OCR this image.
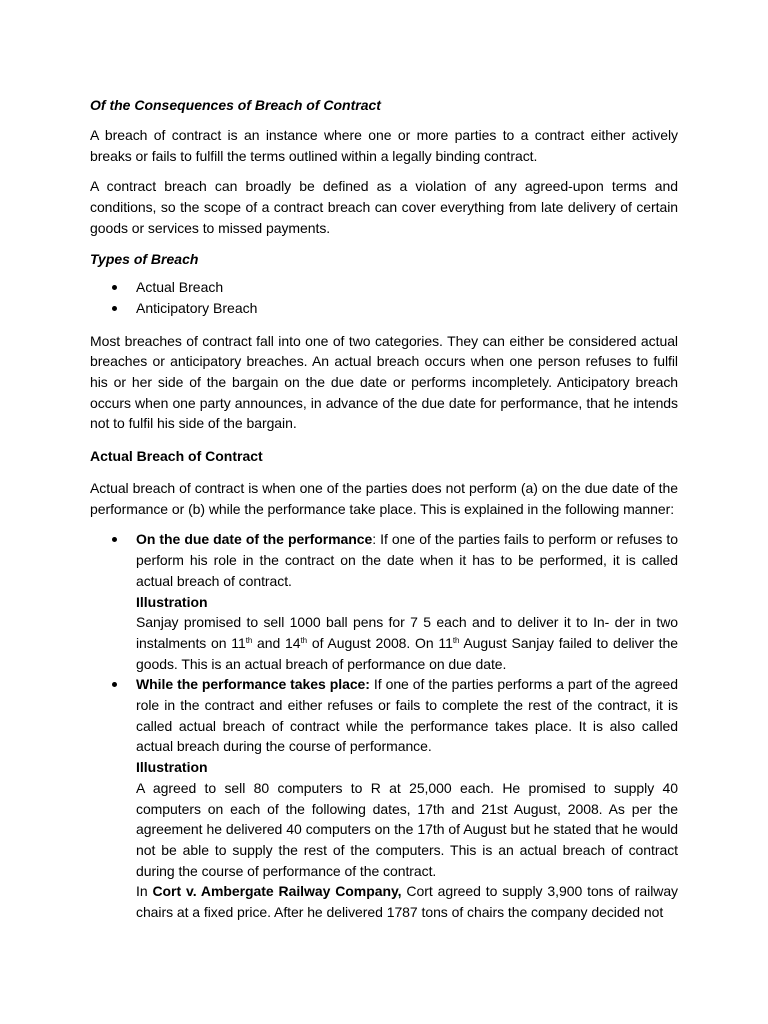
Of the Consequences of Breach of Contract

A breach of contract is an instance where one or more parties to a contract either actively breaks or fails to fulfill the terms outlined within a legally binding contract.

A contract breach can broadly be defined as a violation of any agreed-upon terms and conditions, so the scope of a contract breach can cover everything from late delivery of certain goods or services to missed payments.

Types of Breach

Actual Breach
Anticipatory Breach

Most breaches of contract fall into one of two categories. They can either be considered actual breaches or anticipatory breaches. An actual breach occurs when one person refuses to fulfil his or her side of the bargain on the due date or performs incompletely. Anticipatory breach occurs when one party announces, in advance of the due date for performance, that he intends not to fulfil his side of the bargain.

Actual Breach of Contract

Actual breach of contract is when one of the parties does not perform (a) on the due date of the performance or (b) while the performance take place. This is explained in the following manner:

On the due date of the performance: If one of the parties fails to perform or refuses to perform his role in the contract on the date when it has to be performed, it is called actual breach of contract.

Illustration

Sanjay promised to sell 1000 ball pens for 7 5 each and to deliver it to In- der in two instalments on 11th and 14th of August 2008. On 11th August Sanjay failed to deliver the goods. This is an actual breach of performance on due date.

While the performance takes place: If one of the parties performs a part of the agreed role in the contract and either refuses or fails to complete the rest of the contract, it is called actual breach of contract while the performance takes place. It is also called actual breach during the course of performance.

Illustration

A agreed to sell 80 computers to R at 25,000 each. He promised to supply 40 computers on each of the following dates, 17th and 21st August, 2008. As per the agreement he delivered 40 computers on the 17th of August but he stated that he would not be able to supply the rest of the computers. This is an actual breach of contract during the course of performance of the contract.

In Cort v. Ambergate Railway Company, Cort agreed to supply 3,900 tons of railway chairs at a fixed price. After he delivered 1787 tons of chairs the company decided not
